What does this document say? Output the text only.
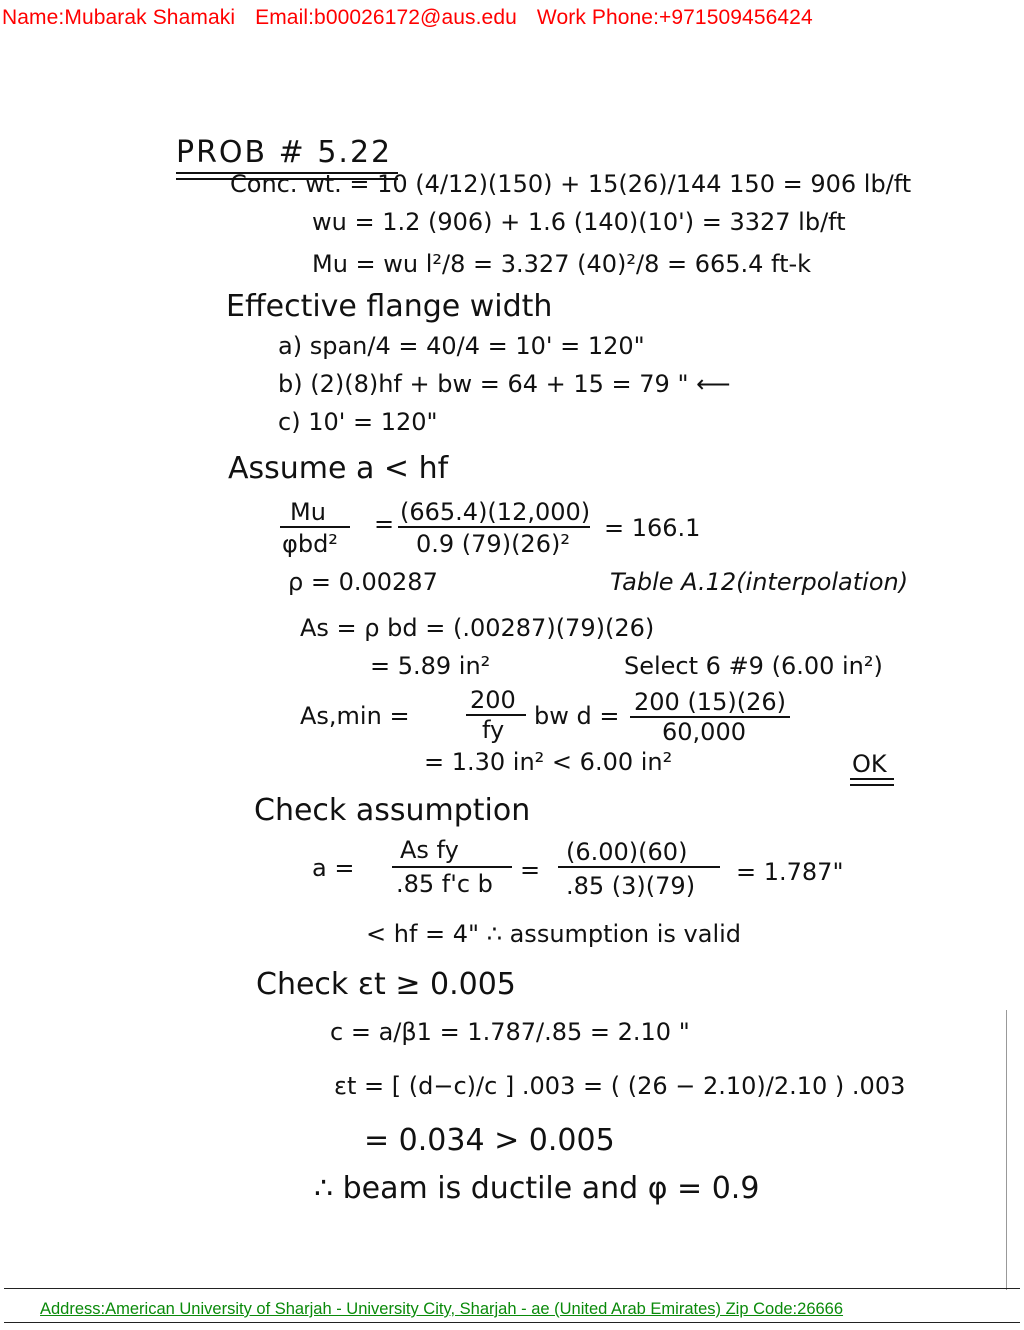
Name:Mubarak Shamaki Email:b00026172@aus.edu Work Phone:+971509456424
PROB # 5.22
Conc. wt. = 10 (4/12)(150) + 15(26)/144 150 = 906 lb/ft
wu = 1.2 (906) + 1.6 (140)(10') = 3327 lb/ft
Mu = wu l²/8 = 3.327 (40)²/8 = 665.4 ft-k
Effective flange width
a) span/4 = 40/4 = 10' = 120"
b) (2)(8)hf + bw = 64 + 15 = 79 " ⟵
c) 10' = 120"
Assume a < hf
Mu
φbd²
= (665.4)(12,000)
0.9 (79)(26)²
= 166.1
ρ = 0.00287	Table A.12(interpolation)
As = ρ bd = (.00287)(79)(26)
= 5.89 in²	Select 6 #9 (6.00 in²)
As,min =
200
fy bw d = 200 (15)(26)
60,000
= 1.30 in² < 6.00 in²	OK
Check assumption
a =
As fy
.85 f'c b =
(6.00)(60)
.85 (3)(79) = 1.787"
< hf = 4" ∴ assumption is valid
Check εt ≥ 0.005
c = a/β1 = 1.787/.85 = 2.10 "
εt = [ (d−c)/c ] .003 = ( (26 − 2.10)/2.10 ) .003
= 0.034 > 0.005
∴ beam is ductile and φ = 0.9
Address:American University of Sharjah - University City, Sharjah - ae (United Arab Emirates) Zip Code:26666
